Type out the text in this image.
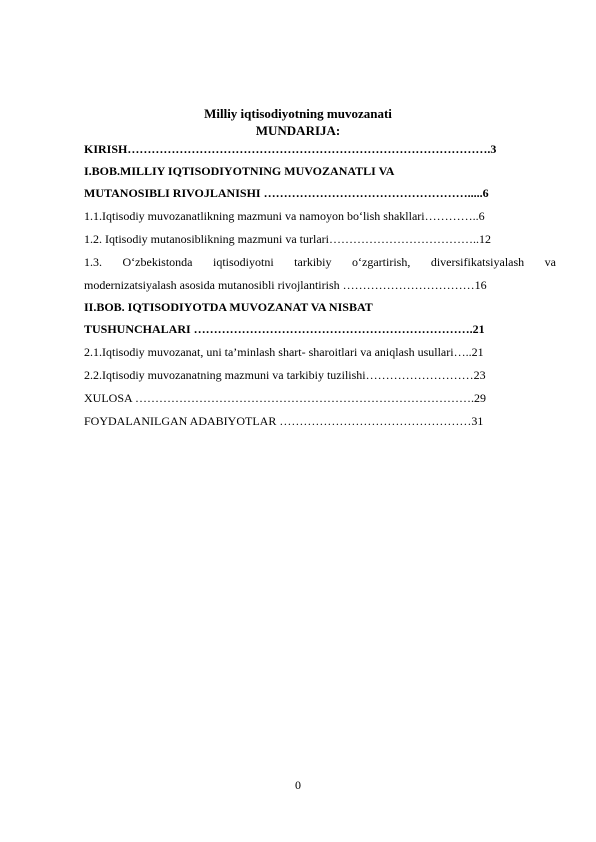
Milliy iqtisodiyotning muvozanati
MUNDARIJA:
KIRISH……………………………………………………………………………….3
I.BOB.MILLIY IQTISODIYOTNING MUVOZANATLI VA
MUTANOSIBLI RIVOJLANISHI …………………………………………….....6
1.1.Iqtisodiy muvozanatlikning mazmuni va namoyon bo‘lish shakllari…………..6
1.2. Iqtisodiy mutanosiblikning mazmuni va turlari………………………………..12
1.3. O‘zbekistonda iqtisodiyotni tarkibiy o‘zgartirish, diversifikatsiyalash va
modernizatsiyalash asosida mutanosibli rivojlantirish ……………………………16
II.BOB. IQTISODIYOTDA MUVOZANAT VA NISBAT
TUSHUNCHALARI …………………………………………………………….21
2.1.Iqtisodiy muvozanat, uni ta’minlash shart- sharoitlari va aniqlash usullari…..21
2.2.Iqtisodiy muvozanatning mazmuni va tarkibiy tuzilishi………………………23
XULOSA ………………………………………………………………………….29
FOYDALANILGAN ADABIYOTLAR …………………………………………31
0
